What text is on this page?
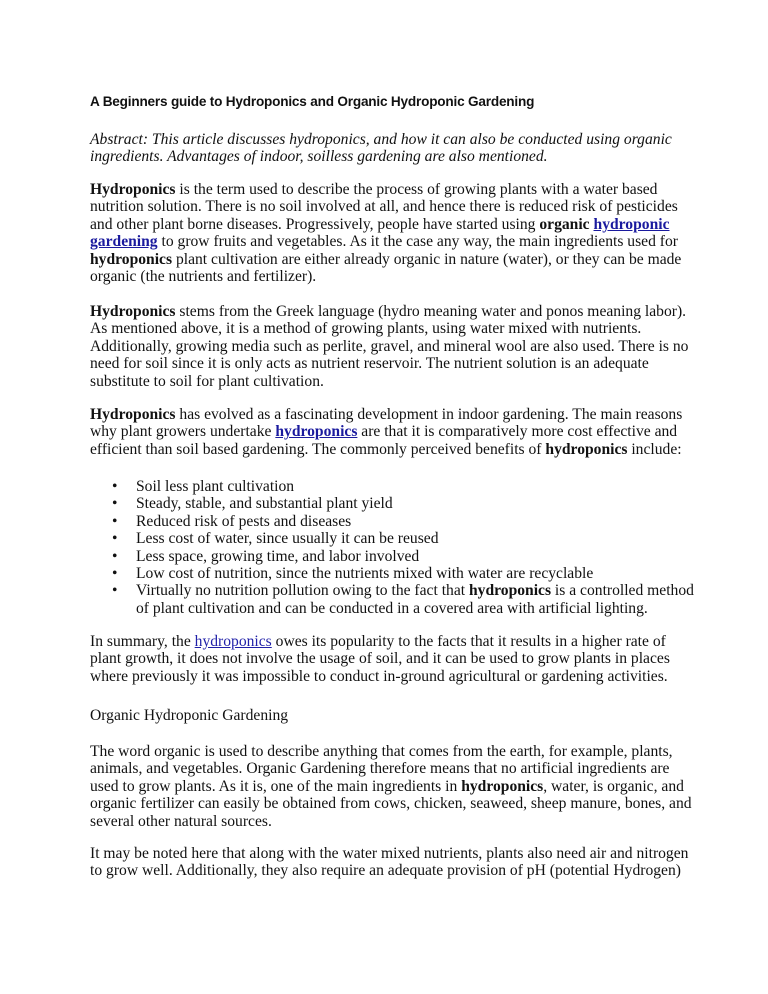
A Beginners guide to Hydroponics and Organic Hydroponic Gardening
Abstract: This article discusses hydroponics, and how it can also be conducted using organic
ingredients. Advantages of indoor, soilless gardening are also mentioned.
Hydroponics is the term used to describe the process of growing plants with a water based
nutrition solution. There is no soil involved at all, and hence there is reduced risk of pesticides
and other plant borne diseases. Progressively, people have started using organic hydroponic
gardening to grow fruits and vegetables. As it the case any way, the main ingredients used for
hydroponics plant cultivation are either already organic in nature (water), or they can be made
organic (the nutrients and fertilizer).
Hydroponics stems from the Greek language (hydro meaning water and ponos meaning labor).
As mentioned above, it is a method of growing plants, using water mixed with nutrients.
Additionally, growing media such as perlite, gravel, and mineral wool are also used. There is no
need for soil since it is only acts as nutrient reservoir. The nutrient solution is an adequate
substitute to soil for plant cultivation.
Hydroponics has evolved as a fascinating development in indoor gardening. The main reasons
why plant growers undertake hydroponics are that it is comparatively more cost effective and
efficient than soil based gardening. The commonly perceived benefits of hydroponics include:
• Soil less plant cultivation
• Steady, stable, and substantial plant yield
• Reduced risk of pests and diseases
• Less cost of water, since usually it can be reused
• Less space, growing time, and labor involved
• Low cost of nutrition, since the nutrients mixed with water are recyclable
• Virtually no nutrition pollution owing to the fact that hydroponics is a controlled method
of plant cultivation and can be conducted in a covered area with artificial lighting.
In summary, the hydroponics owes its popularity to the facts that it results in a higher rate of
plant growth, it does not involve the usage of soil, and it can be used to grow plants in places
where previously it was impossible to conduct in-ground agricultural or gardening activities.
Organic Hydroponic Gardening
The word organic is used to describe anything that comes from the earth, for example, plants,
animals, and vegetables. Organic Gardening therefore means that no artificial ingredients are
used to grow plants. As it is, one of the main ingredients in hydroponics, water, is organic, and
organic fertilizer can easily be obtained from cows, chicken, seaweed, sheep manure, bones, and
several other natural sources.
It may be noted here that along with the water mixed nutrients, plants also need air and nitrogen
to grow well. Additionally, they also require an adequate provision of pH (potential Hydrogen)
